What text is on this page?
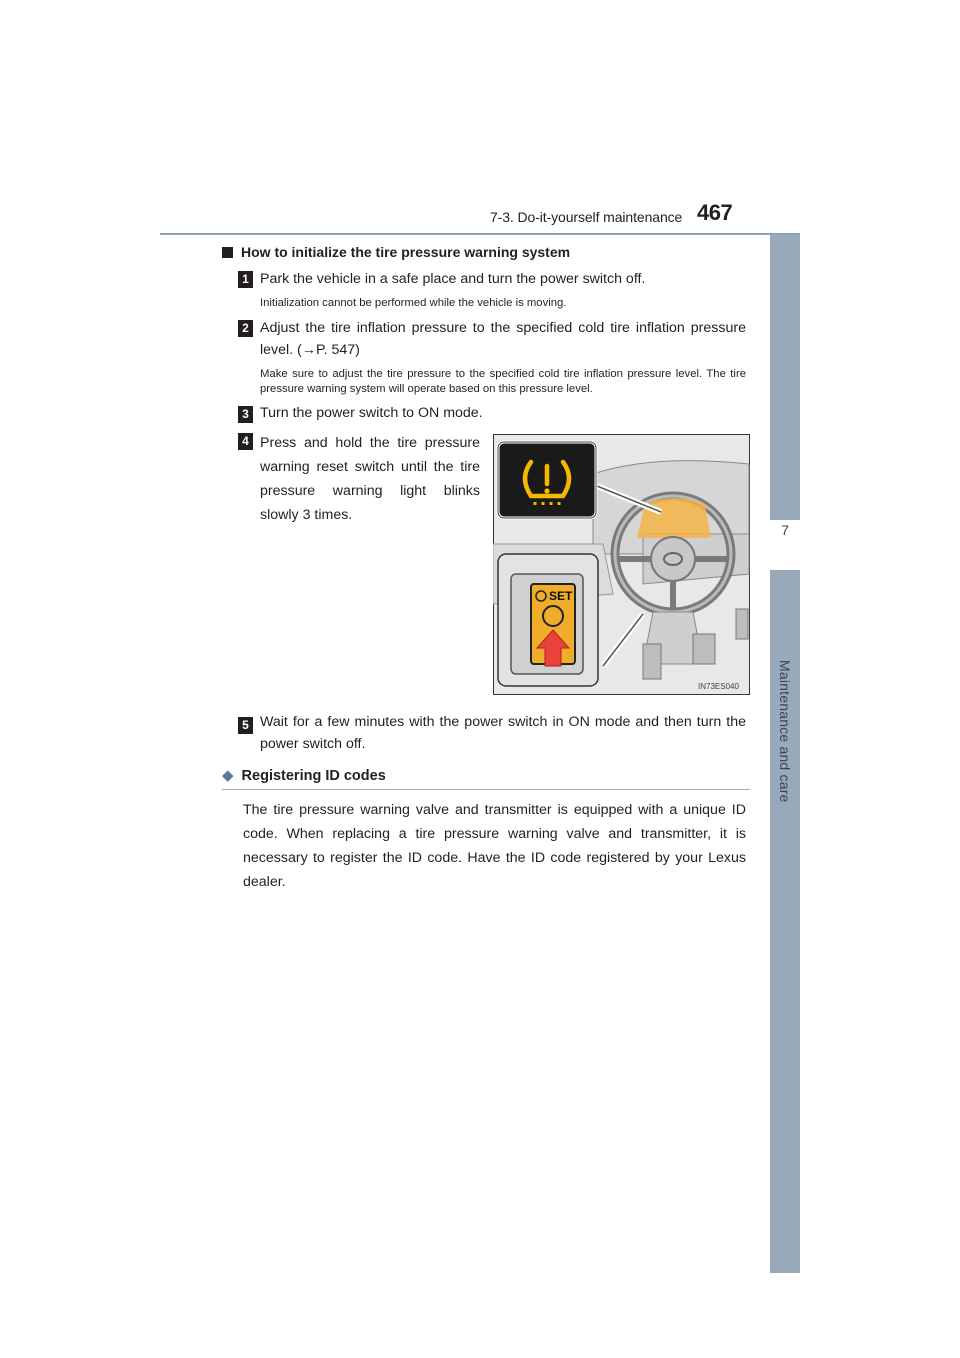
7-3. Do-it-yourself maintenance 467
7
Maintenance and care
How to initialize the tire pressure warning system
1 Park the vehicle in a safe place and turn the power switch off.
Initialization cannot be performed while the vehicle is moving.
2 Adjust the tire inflation pressure to the specified cold tire inflation pressure level. (→P. 547)
Make sure to adjust the tire pressure to the specified cold tire inflation pressure level. The tire pressure warning system will operate based on this pressure level.
3 Turn the power switch to ON mode.
4 Press and hold the tire pressure warning reset switch until the tire pressure warning light blinks slowly 3 times.
SET
IN73ES040
5 Wait for a few minutes with the power switch in ON mode and then turn the power switch off.
◆ Registering ID codes
The tire pressure warning valve and transmitter is equipped with a unique ID code. When replacing a tire pressure warning valve and transmitter, it is necessary to register the ID code. Have the ID code registered by your Lexus dealer.
